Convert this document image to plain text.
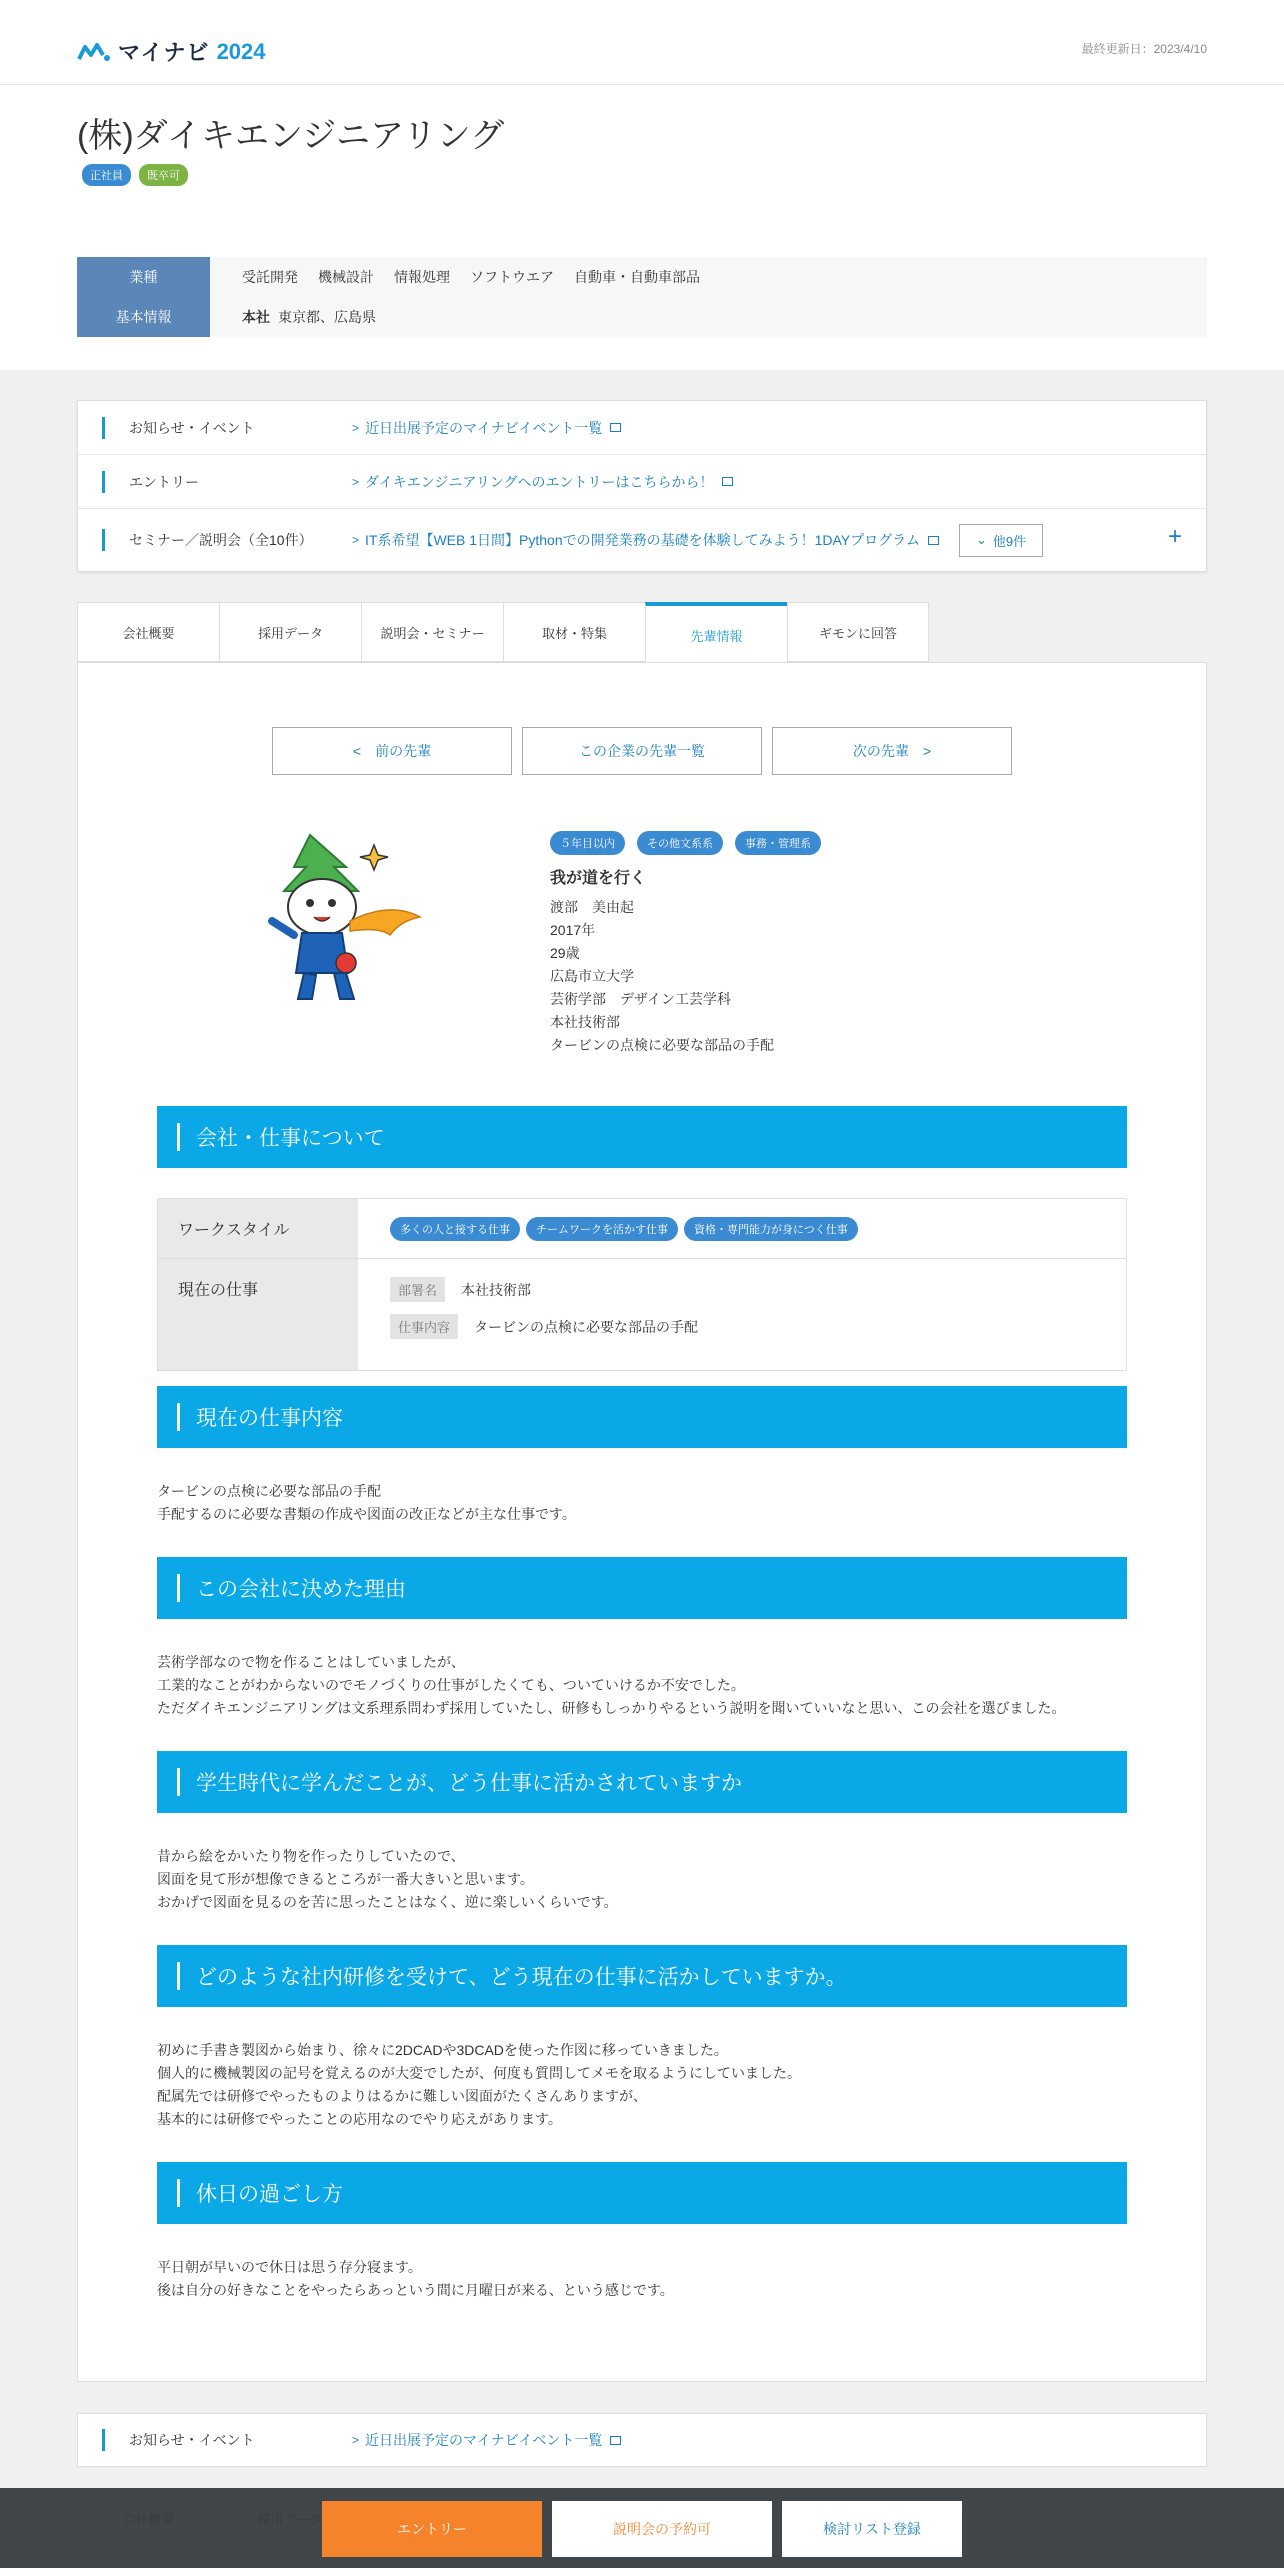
マイナビ 2024	最終更新日：2023/4/10
(株)ダイキエンジニアリング
正社員	既卒可
業種	受託開発 機械設計 情報処理 ソフトウエア 自動車・自動車部品
基本情報	本社 東京都、広島県
お知らせ・イベント	> 近日出展予定のマイナビイベント一覧
エントリー	> ダイキエンジニアリングへのエントリーはこちらから！
セミナー／説明会（全10件）	> IT系希望【WEB 1日間】Pythonでの開発業務の基礎を体験してみよう！1DAYプログラム	⌄ 他9件	+
会社概要	採用データ	説明会・セミナー	取材・特集	先輩情報	ギモンに回答
< 前の先輩	この企業の先輩一覧	次の先輩 >
５年目以内	その他文系系	事務・管理系
我が道を行く
渡部　美由起
2017年
29歳
広島市立大学
芸術学部　デザイン工芸学科
本社技術部
タービンの点検に必要な部品の手配
会社・仕事について
ワークスタイル	多くの人と接する仕事	チームワークを活かす仕事	資格・専門能力が身につく仕事
現在の仕事	部署名	本社技術部
仕事内容	タービンの点検に必要な部品の手配
現在の仕事内容
タービンの点検に必要な部品の手配
手配するのに必要な書類の作成や図面の改正などが主な仕事です。
この会社に決めた理由
芸術学部なので物を作ることはしていましたが、
工業的なことがわからないのでモノづくりの仕事がしたくても、ついていけるか不安でした。
ただダイキエンジニアリングは文系理系問わず採用していたし、研修もしっかりやるという説明を聞いていいなと思い、この会社を選びました。
学生時代に学んだことが、どう仕事に活かされていますか
昔から絵をかいたり物を作ったりしていたので、
図面を見て形が想像できるところが一番大きいと思います。
おかげで図面を見るのを苦に思ったことはなく、逆に楽しいくらいです。
どのような社内研修を受けて、どう現在の仕事に活かしていますか。
初めに手書き製図から始まり、徐々に2DCADや3DCADを使った作図に移っていきました。
個人的に機械製図の記号を覚えるのが大変でしたが、何度も質問してメモを取るようにしていました。
配属先では研修でやったものよりはるかに難しい図面がたくさんありますが、
基本的には研修でやったことの応用なのでやり応えがあります。
休日の過ごし方
平日朝が早いので休日は思う存分寝ます。
後は自分の好きなことをやったらあっという間に月曜日が来る、という感じです。
お知らせ・イベント	> 近日出展予定のマイナビイベント一覧
エントリー	説明会の予約可	検討リスト登録
